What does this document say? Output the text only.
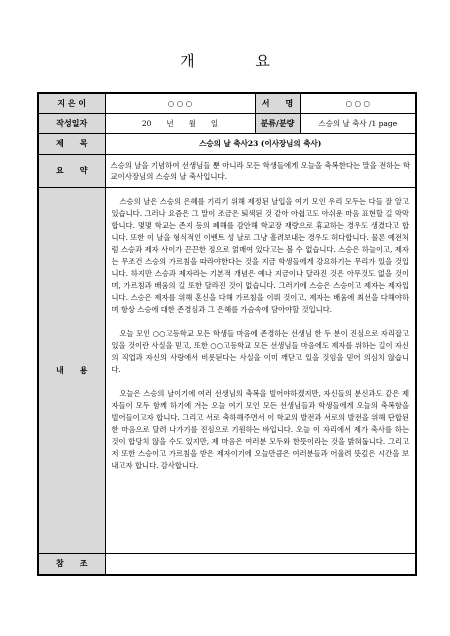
개 요
지 은 이	○ ○ ○	서　　명	○ ○ ○
작성일자	20　　년　　월　　일	분류/분량	스승의 날 축사 /1 page
제　　목	스승의 날 축사23 (이사장님의 축사)		
요　　약	스승의 날을 기념하여 선생님들 뿐 아니라 모든 학생들에게 오늘을 축복한다는 말을 전하는 학교이사장님의 스승의 날 축사입니다.		
내　　용	스승의 날은 스승의 은혜를 기리기 위해 제정된 날입을 여기 모인 우리 모두는 다들 잘 알고 있습니다. 그러나 요즘은 그 말이 조금은 퇴색된 것 같아 아쉽고도 아쉬운 마음 표현할 길 막막합니다. 몇몇 학교는 존지 등의 폐해를 감안해 학교장 재량으로 휴교하는 경우도 생겼다고 합니다. 또한 이 날을 형식적인 이벤트 성 날로 그냥 흘려보내는 경우도 허다합니다. 물론 예전처럼 스승과 제자 사이가 끈끈한 정으로 얽매여 있다고는 볼 수 없습니다. 스승은 하늘이고, 제자는 무조건 스승의 가르침을 따라야한다는 것을 지금 학생들에게 강요하기는 무리가 있을 것입니다. 하지만 스승과 제자라는 기본적 개념은 예나 지금이나 달라진 것은 아무것도 없을 것이며, 가르침과 배움의 길 또한 달라진 것이 없습니다. 그러기에 스승은 스승이고 제자는 제자입니다. 스승은 제자를 위해 혼신을 다해 가르침을 이뤄 것이고, 제자는 배움에 최선을 다해야하며 항상 스승에 대한 존경심과 그 은혜를 가슴속에 담아야할 것입니다.

오늘 모인 ○○고등학교 모든 학생들 마음에 존경하는 선생님 한 두 분이 진심으로 자리잡고 있을 것이란 사실을 믿고, 또한 ○○고등학교 모든 선생님들 마음에도 제자를 위하는 길이 자신의 직업과 자신의 사랑에서 비롯된다는 사실을 이미 깨닫고 있을 것임을 믿어 의심치 않습니다.

오늘은 스승의 날이기에 여러 선생님의 축복을 빌어야하겠지만, 자신들의 분신과도 같은 제자들이 모두 함께 하기에 겨는 오늘 여기 모인 모든 선생님들과 학생들에게 오늘의 축복함을 빌어들이고자 합니다. 그리고 서로 축하해주면서 이 학교의 발전과 서로의 발전을 위해 단합된 한 마음으로 달려 나가기를 진심으로 기원하는 바입니다. 오늘 이 자리에서 제가 축사를 하는 것이 합당치 않을 수도 있지만, 제 마음은 여러분 모두와 한뜻이라는 것을 밝혀둡니다. 그리고 저 또한 스승이고 가르침을 받은 제자이기에 오늘만큼은 여러분들과 어울려 뜻깊은 시간을 보내고자 합니다. 감사합니다.		

참　　조			
